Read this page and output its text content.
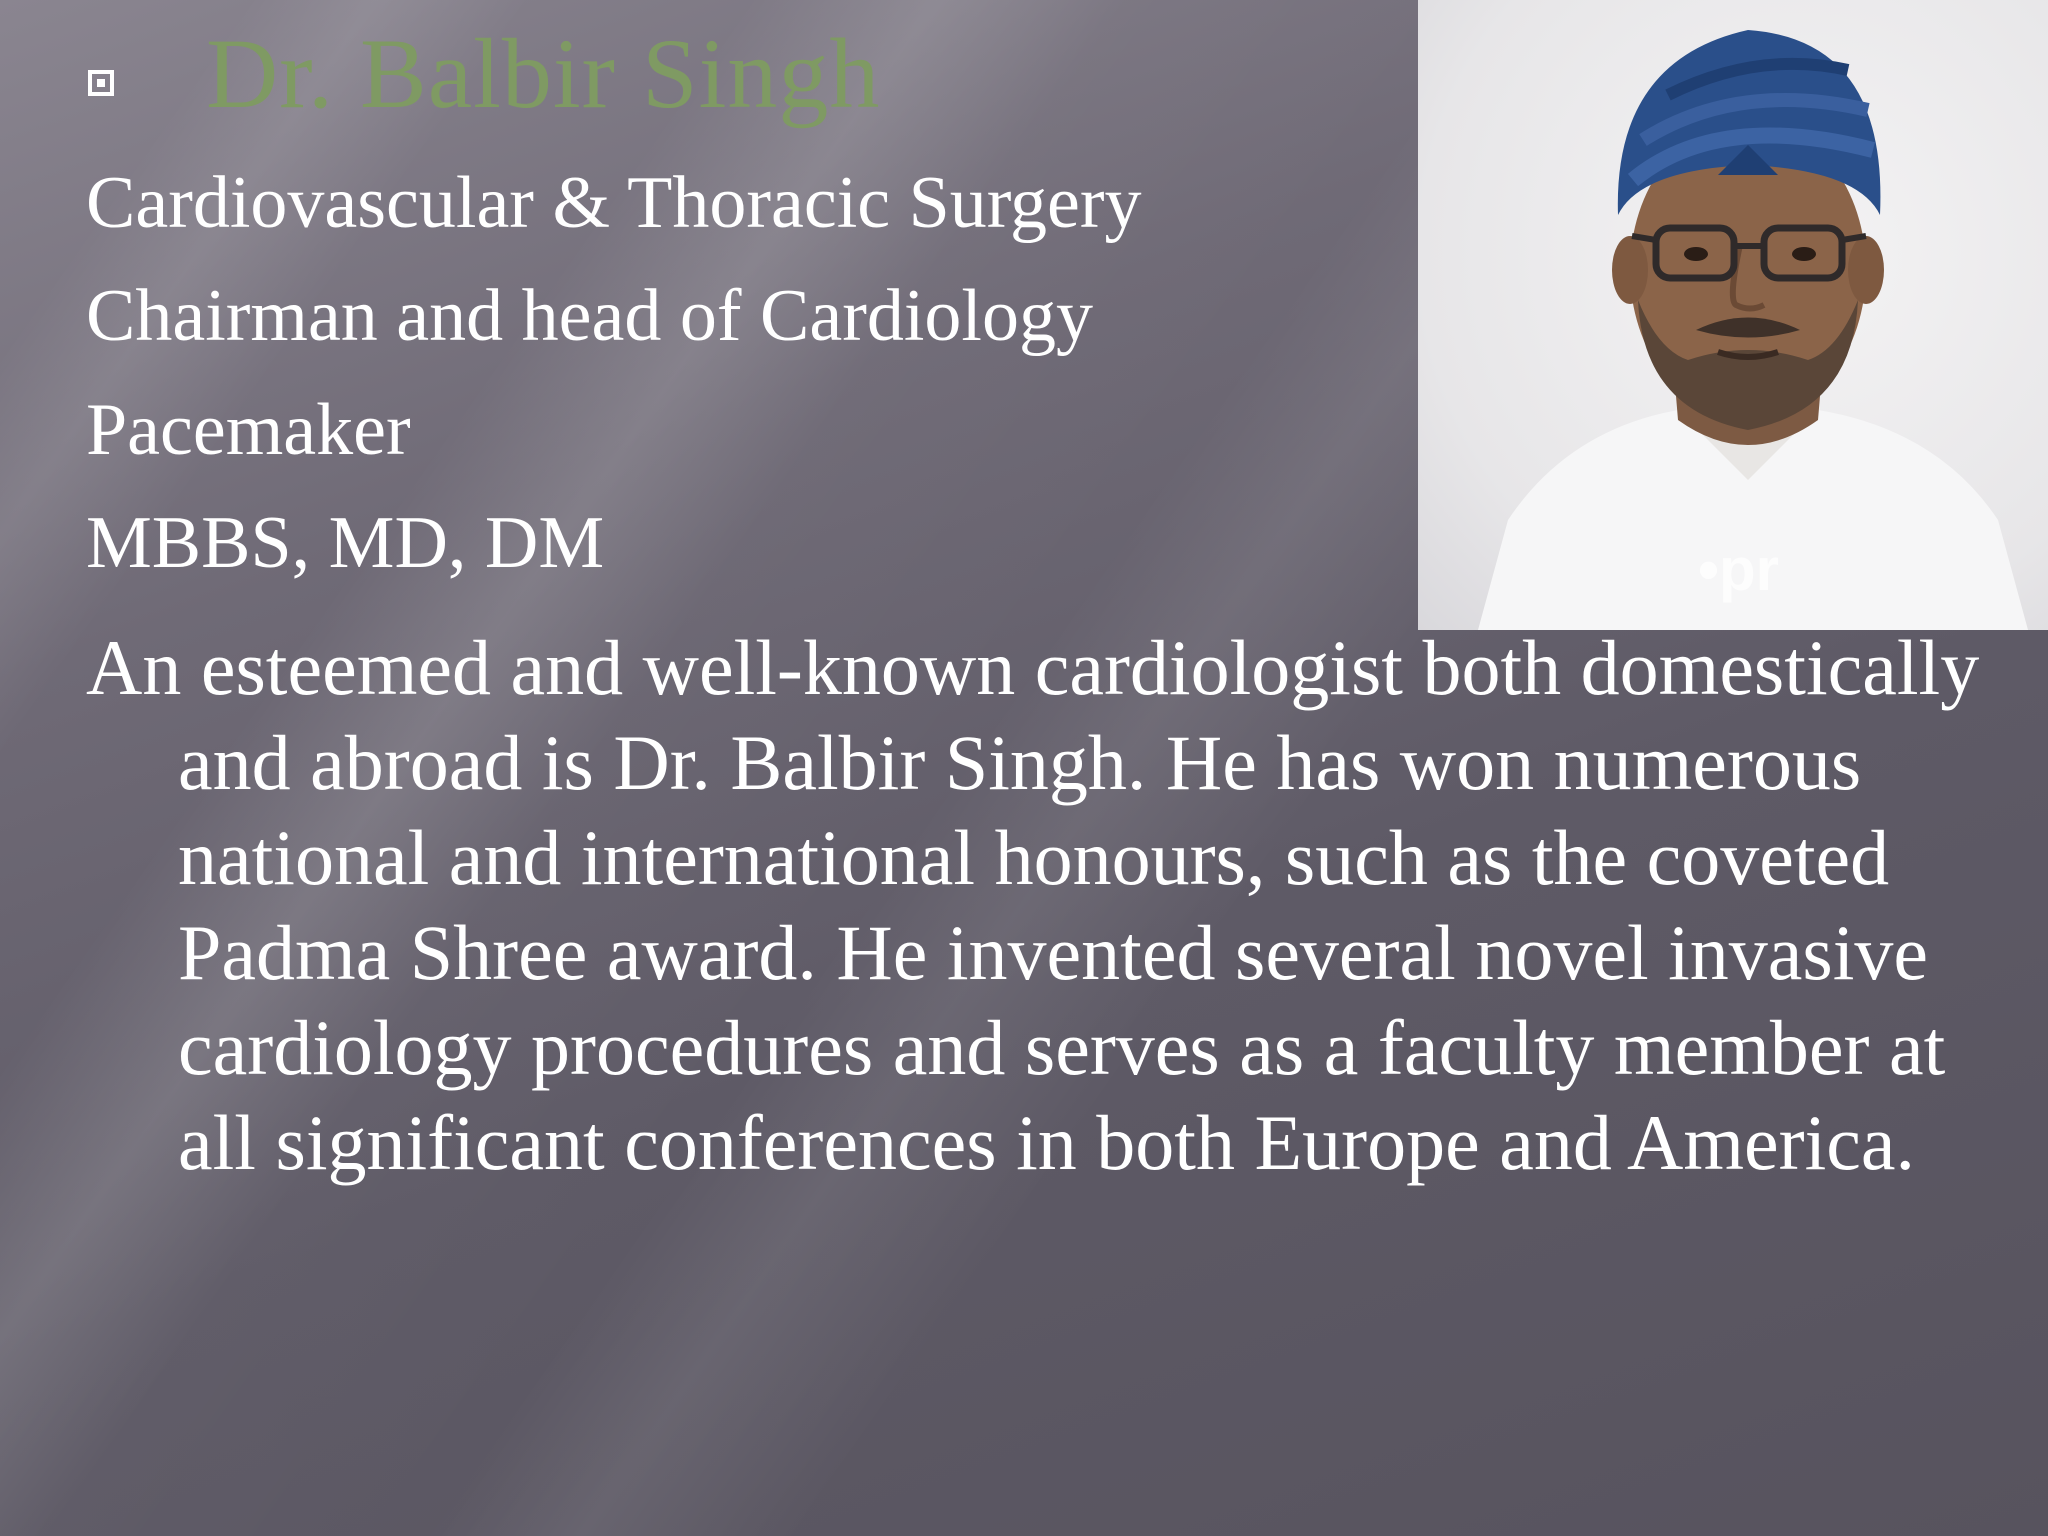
•pr
Dr. Balbir Singh
Cardiovascular & Thoracic Surgery
Chairman and head of Cardiology
Pacemaker
MBBS, MD, DM
An esteemed and well-known cardiologist both domestically and abroad is Dr. Balbir Singh. He has won numerous national and international honours, such as the coveted Padma Shree award. He invented several novel invasive cardiology procedures and serves as a faculty member at all significant conferences in both Europe and America.
